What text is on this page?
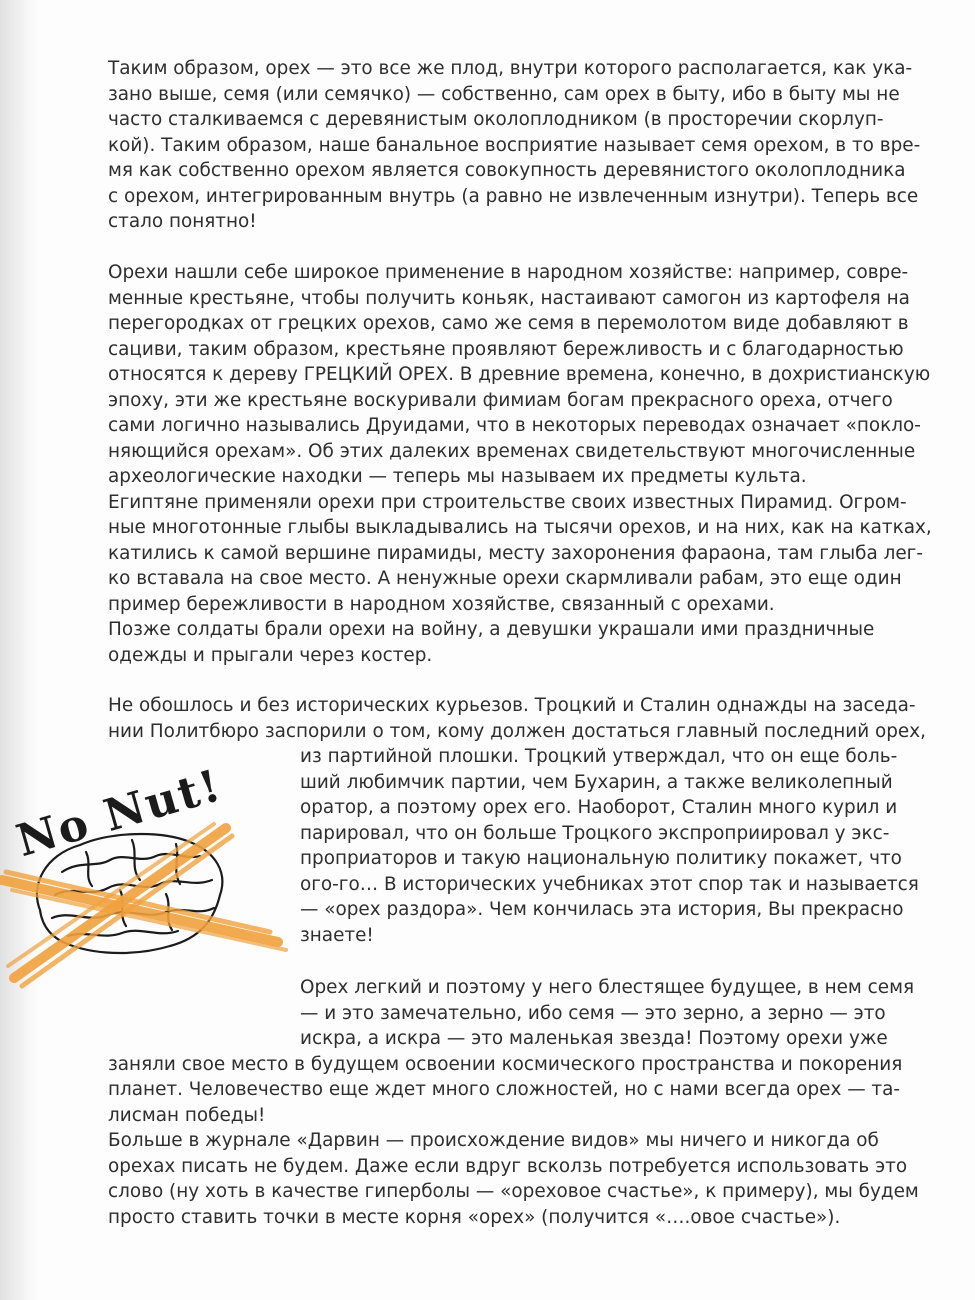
Таким образом, орех — это все же плод, внутри которого располагается, как ука-
зано выше, семя (или семячко) — собственно, сам орех в быту, ибо в быту мы не
часто сталкиваемся с деревянистым околоплодником (в просторечии скорлуп-
кой). Таким образом, наше банальное восприятие называет семя орехом, в то вре-
мя как собственно орехом является совокупность деревянистого околоплодника
с орехом, интегрированным внутрь (а равно не извлеченным изнутри). Теперь все
стало понятно!
Орехи нашли себе широкое применение в народном хозяйстве: например, совре-
менные крестьяне, чтобы получить коньяк, настаивают самогон из картофеля на
перегородках от грецких орехов, само же семя в перемолотом виде добавляют в
сациви, таким образом, крестьяне проявляют бережливость и с благодарностью
относятся к дереву ГРЕЦКИЙ ОРЕХ. В древние времена, конечно, в дохристианскую
эпоху, эти же крестьяне воскуривали фимиам богам прекрасного ореха, отчего
сами логично назывались Друидами, что в некоторых переводах означает «покло-
няющийся орехам». Об этих далеких временах свидетельствуют многочисленные
археологические находки — теперь мы называем их предметы культа.
Египтяне применяли орехи при строительстве своих известных Пирамид. Огром-
ные многотонные глыбы выкладывались на тысячи орехов, и на них, как на катках,
катились к самой вершине пирамиды, месту захоронения фараона, там глыба лег-
ко вставала на свое место. А ненужные орехи скармливали рабам, это еще один
пример бережливости в народном хозяйстве, связанный с орехами.
Позже солдаты брали орехи на войну, а девушки украшали ими праздничные
одежды и прыгали через костер.
Не обошлось и без исторических курьезов. Троцкий и Сталин однажды на заседа-
нии Политбюро заспорили о том, кому должен достаться главный последний орех,
из партийной плошки. Троцкий утверждал, что он еще боль-
ший любимчик партии, чем Бухарин, а также великолепный
оратор, а поэтому орех его. Наоборот, Сталин много курил и
парировал, что он больше Троцкого экспроприировал у экс-
проприаторов и такую национальную политику покажет, что
ого-го… В исторических учебниках этот спор так и называется
— «орех раздора». Чем кончилась эта история, Вы прекрасно
знаете!
Орех легкий и поэтому у него блестящее будущее, в нем семя
— и это замечательно, ибо семя — это зерно, а зерно — это
искра, а искра — это маленькая звезда! Поэтому орехи уже
заняли свое место в будущем освоении космического пространства и покорения
планет. Человечество еще ждет много сложностей, но с нами всегда орех — та-
лисман победы!
Больше в журнале «Дарвин — происхождение видов» мы ничего и никогда об
орехах писать не будем. Даже если вдруг всколзь потребуется использовать это
слово (ну хоть в качестве гиперболы — «ореховое счастье», к примеру), мы будем
просто ставить точки в месте корня «орех» (получится «….овое счастье»).
No Nut!
